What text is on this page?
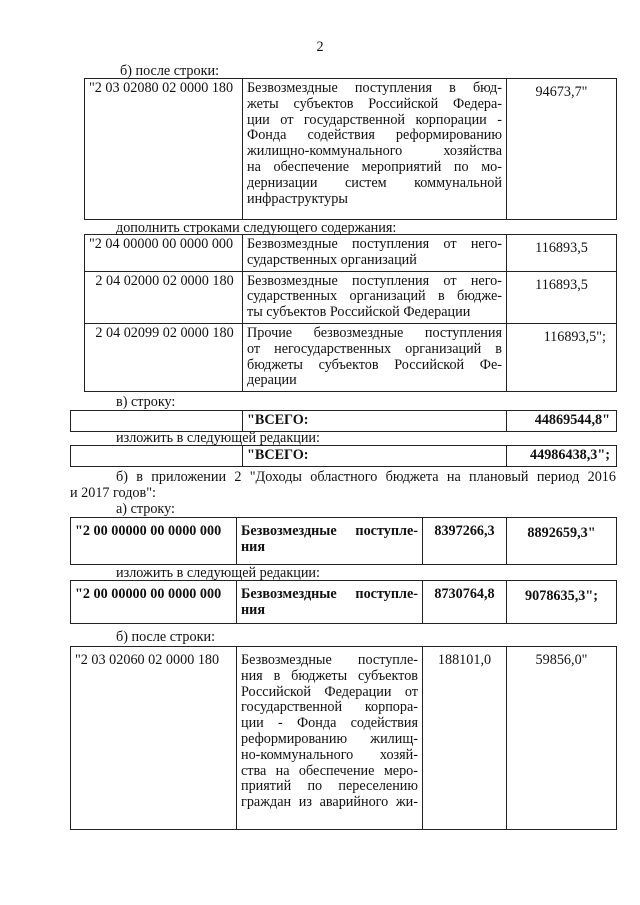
2
б) после строки:
"2 03 02080 02 0000 180	Безвозмездные поступления в бюд-
жеты субъектов Российской Федера-
ции от государственной корпорации -
Фонда содействия реформированию
жилищно-коммунального хозяйства
на обеспечение мероприятий по мо-
дернизации систем коммунальной
инфраструктуры
	94673,7"
дополнить строками следующего содержания:
"2 04 00000 00 0000 000	Безвозмездные поступления от него-
сударственных организаций	116893,5
2 04 02000 02 0000 180	Безвозмездные поступления от него-
сударственных организаций в бюдже-
ты субъектов Российской Федерации	116893,5
2 04 02099 02 0000 180	Прочие безвозмездные поступления
от негосударственных организаций в
бюджеты субъектов Российской Фе-
дерации	116893,5";
в) строку:
	"ВСЕГО:	44869544,8"
изложить в следующей редакции:
	"ВСЕГО:	44986438,3";
б) в приложении 2 "Доходы областного бюджета на плановый период 2016
и 2017 годов":
а) строку:
"2 00 00000 00 0000 000	Безвозмездные поступле-
ния
	8397266,3	8892659,3"
изложить в следующей редакции:
"2 00 00000 00 0000 000	Безвозмездные поступле-
ния
	8730764,8	9078635,3";
б) после строки:
"2 03 02060 02 0000 180	Безвозмездные поступле-
ния в бюджеты субъектов
Российской Федерации от
государственной корпора-
ции - Фонда содействия
реформированию жилищ-
но-коммунального хозяй-
ства на обеспечение меро-
приятий по переселению
граждан из аварийного жи-
	188101,0	59856,0"
